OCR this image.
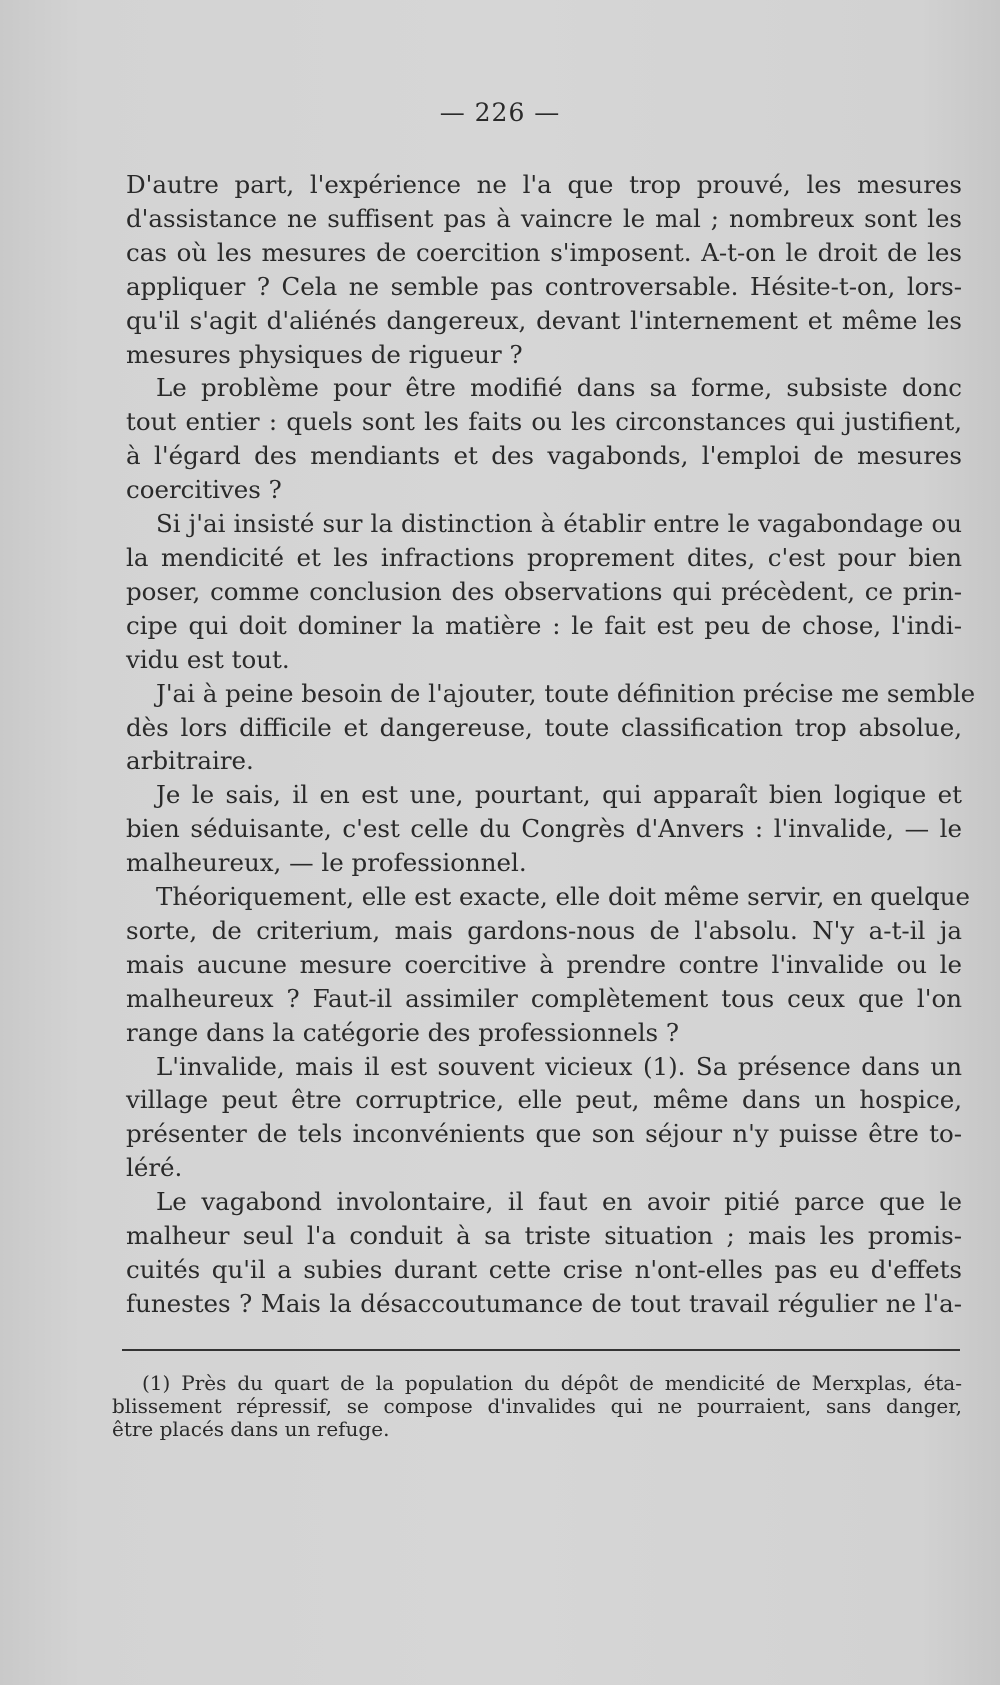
— 226 —

D'autre part, l'expérience ne l'a que trop prouvé, les mesures
d'assistance ne suffisent pas à vaincre le mal ; nombreux sont les
cas où les mesures de coercition s'imposent. A-t-on le droit de les
appliquer ? Cela ne semble pas controversable. Hésite-t-on, lors-
qu'il s'agit d'aliénés dangereux, devant l'internement et même les
mesures physiques de rigueur ?

Le problème pour être modifié dans sa forme, subsiste donc
tout entier : quels sont les faits ou les circonstances qui justifient,
à l'égard des mendiants et des vagabonds, l'emploi de mesures
coercitives ?

Si j'ai insisté sur la distinction à établir entre le vagabondage ou
la mendicité et les infractions proprement dites, c'est pour bien
poser, comme conclusion des observations qui précèdent, ce prin-
cipe qui doit dominer la matière : le fait est peu de chose, l'indi-
vidu est tout.

J'ai à peine besoin de l'ajouter, toute définition précise me semble
dès lors difficile et dangereuse, toute classification trop absolue,
arbitraire.

Je le sais, il en est une, pourtant, qui apparaît bien logique et
bien séduisante, c'est celle du Congrès d'Anvers : l'invalide, — le
malheureux, — le professionnel.

Théoriquement, elle est exacte, elle doit même servir, en quelque
sorte, de criterium, mais gardons-nous de l'absolu. N'y a-t-il ja
mais aucune mesure coercitive à prendre contre l'invalide ou le
malheureux ? Faut-il assimiler complètement tous ceux que l'on
range dans la catégorie des professionnels ?

L'invalide, mais il est souvent vicieux (1). Sa présence dans un
village peut être corruptrice, elle peut, même dans un hospice,
présenter de tels inconvénients que son séjour n'y puisse être to-
léré.

Le vagabond involontaire, il faut en avoir pitié parce que le
malheur seul l'a conduit à sa triste situation ; mais les promis-
cuités qu'il a subies durant cette crise n'ont-elles pas eu d'effets
funestes ? Mais la désaccoutumance de tout travail régulier ne l'a-

(1) Près du quart de la population du dépôt de mendicité de Merxplas, éta-
blissement répressif, se compose d'invalides qui ne pourraient, sans danger,
être placés dans un refuge.
